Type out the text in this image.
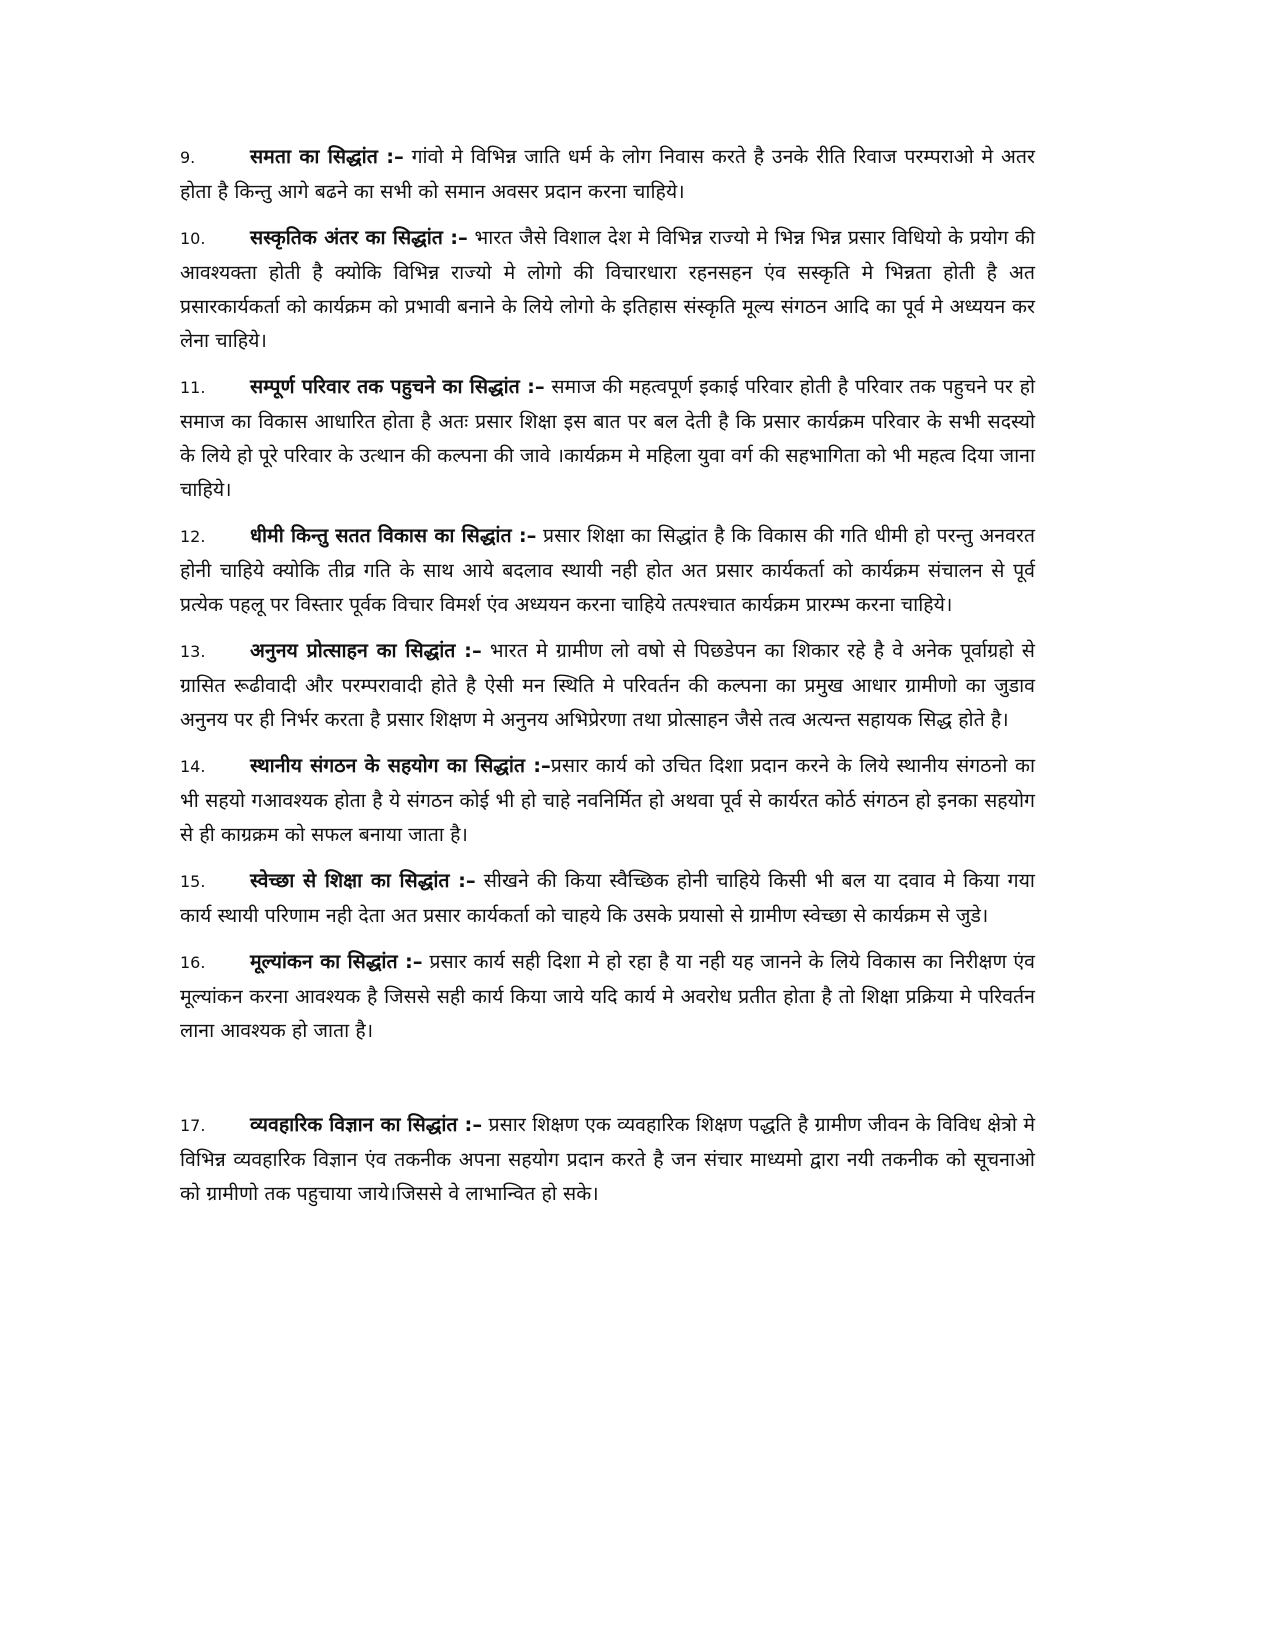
9.	समता का सिद्धांत :– गांवो मे विभिन्न जाति धर्म के लोग निवास करते है उनके रीति रिवाज परम्पराओ मे अतर होता है किन्तु आगे बढने का सभी को समान अवसर प्रदान करना चाहिये।

10. सस्कृतिक अंतर का सिद्धांत :– भारत जैसे विशाल देश मे विभिन्न राज्यो मे भिन्न भिन्न प्रसार विधियो के प्रयोग की आवश्यक्ता होती है क्योकि विभिन्न राज्यो मे लोगो की विचारधारा रहनसहन एंव सस्कृति मे भिन्नता होती है अत प्रसारकार्यकर्ता को कार्यक्रम को प्रभावी बनाने के लिये लोगो के इतिहास संस्कृति मूल्य संगठन आदि का पूर्व मे अध्ययन कर लेना चाहिये।

11. सम्पूर्ण परिवार तक पहुचने का सिद्धांत :– समाज की महत्वपूर्ण इकाई परिवार होती है परिवार तक पहुचने पर हो समाज का विकास आधारित होता है अतः प्रसार शिक्षा इस बात पर बल देती है कि प्रसार कार्यक्रम परिवार के सभी सदस्यो के लिये हो पूरे परिवार के उत्थान की कल्पना की जावे ।कार्यक्रम मे महिला युवा वर्ग की सहभागिता को भी महत्व दिया जाना चाहिये।

12. धीमी किन्तु सतत विकास का सिद्धांत :– प्रसार शिक्षा का सिद्धांत है कि विकास की गति धीमी हो परन्तु अनवरत होनी चाहिये क्योकि तीव्र गति के साथ आये बदलाव स्थायी नही होत अत प्रसार कार्यकर्ता को कार्यक्रम संचालन से पूर्व प्रत्येक पहलू पर विस्तार पूर्वक विचार विमर्श एंव अध्ययन करना चाहिये तत्पश्चात कार्यक्रम प्रारम्भ करना चाहिये।

13. अनुनय प्रोत्साहन का सिद्धांत :– भारत मे ग्रामीण लो वषो से पिछडेपन का शिकार रहे है वे अनेक पूर्वाग्रहो से ग्रासित रूढीवादी और परम्परावादी होते है ऐसी मन स्थिति मे परिवर्तन की कल्पना का प्रमुख आधार ग्रामीणो का जुडाव अनुनय पर ही निर्भर करता है प्रसार शिक्षण मे अनुनय अभिप्रेरणा तथा प्रोत्साहन जैसे तत्व अत्यन्त सहायक सिद्ध होते है।

14. स्थानीय संगठन के सहयोग का सिद्धांत :–प्रसार कार्य को उचित दिशा प्रदान करने के लिये स्थानीय संगठनो का भी सहयो गआवश्यक होता है ये संगठन कोई भी हो चाहे नवनिर्मित हो अथवा पूर्व से कार्यरत कोर्ठ संगठन हो इनका सहयोग से ही काग्रक्रम को सफल बनाया जाता है।

15. स्वेच्छा से शिक्षा का सिद्धांत :– सीखने की किया स्वैच्छिक होनी चाहिये किसी भी बल या दवाव मे किया गया कार्य स्थायी परिणाम नही देता अत प्रसार कार्यकर्ता को चाहये कि उसके प्रयासो से ग्रामीण स्वेच्छा से कार्यक्रम से जुडे।

16. मूल्यांकन का सिद्धांत :– प्रसार कार्य सही दिशा मे हो रहा है या नही यह जानने के लिये विकास का निरीक्षण एंव मूल्यांकन करना आवश्यक है जिससे सही कार्य किया जाये यदि कार्य मे अवरोध प्रतीत होता है तो शिक्षा प्रक्रिया मे परिवर्तन लाना आवश्यक हो जाता है।

17. व्यवहारिक विज्ञान का सिद्धांत :– प्रसार शिक्षण एक व्यवहारिक शिक्षण पद्धति है ग्रामीण जीवन के विविध क्षेत्रो मे विभिन्न व्यवहारिक विज्ञान एंव तकनीक अपना सहयोग प्रदान करते है जन संचार माध्यमो द्वारा नयी तकनीक को सूचनाओ को ग्रामीणो तक पहुचाया जाये।जिससे वे लाभान्वित हो सके।
